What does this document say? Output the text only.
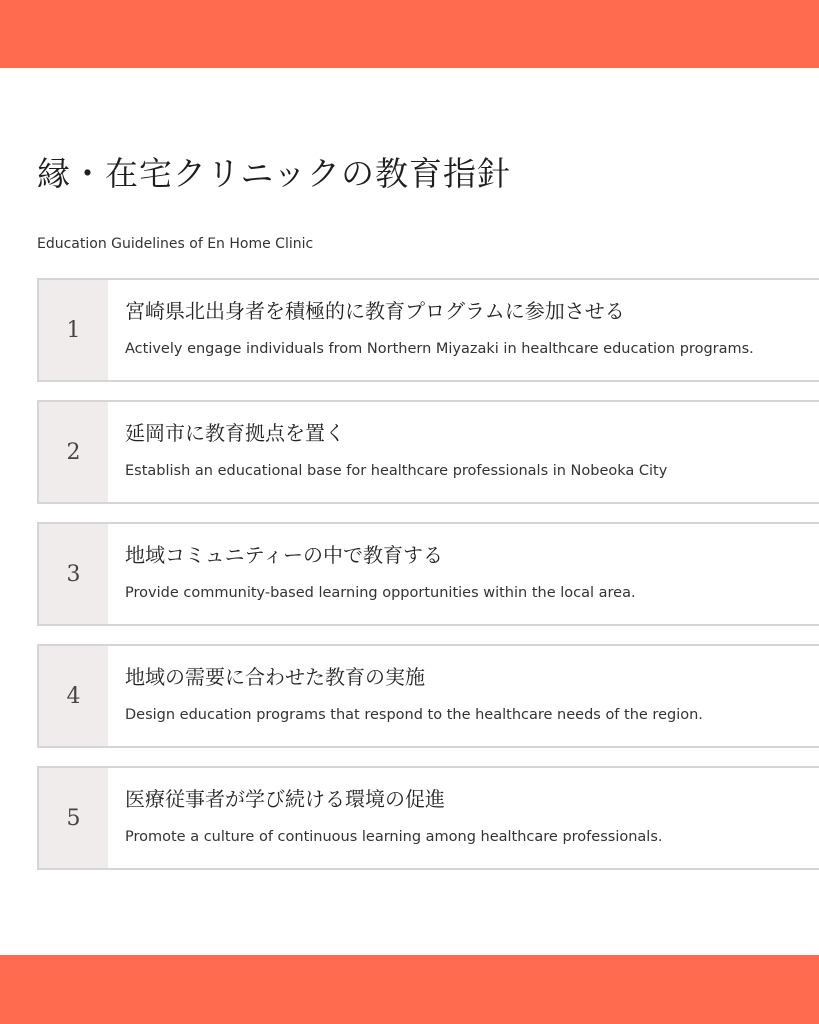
縁・在宅クリニックの教育指針

Education Guidelines of En Home Clinic

1
宮崎県北出身者を積極的に教育プログラムに参加させる
Actively engage individuals from Northern Miyazaki in healthcare education programs.
2
延岡市に教育拠点を置く
Establish an educational base for healthcare professionals in Nobeoka City
3
地域コミュニティーの中で教育する
Provide community-based learning opportunities within the local area.
4
地域の需要に合わせた教育の実施
Design education programs that respond to the healthcare needs of the region.
5
医療従事者が学び続ける環境の促進
Promote a culture of continuous learning among healthcare professionals.
